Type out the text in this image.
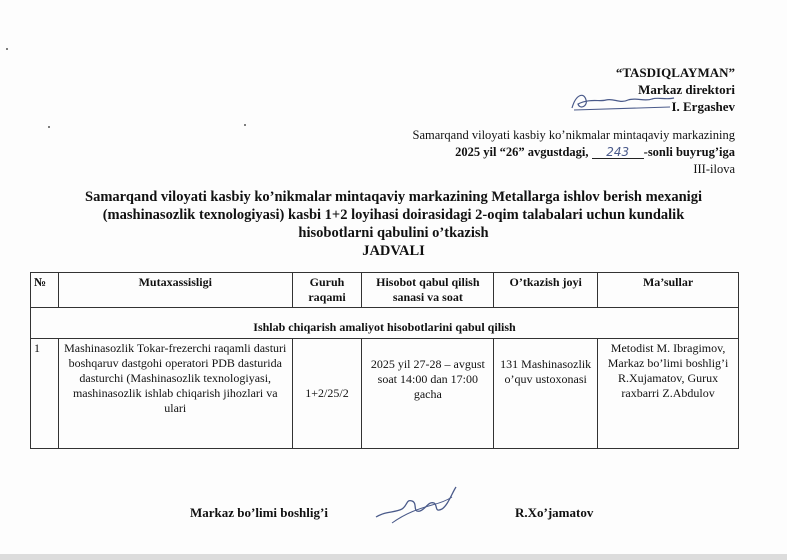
“TASDIQLAYMAN”
Markaz direktori
I. Ergashev
Samarqand viloyati kasbiy ko’nikmalar mintaqaviy markazining
2025 yil “26” avgustdagi, 243 -sonli buyrug’iga
III-ilova
Samarqand viloyati kasbiy ko’nikmalar mintaqaviy markazining Metallarga ishlov berish mexanigi
(mashinasozlik texnologiyasi) kasbi 1+2 loyihasi doirasidagi 2-oqim talabalari uchun kundalik
hisobotlarni qabulini o’tkazish
JADVALI
№	Mutaxassisligi	Guruh raqami	Hisobot qabul qilish sanasi va soat	O’tkazish joyi	Ma’sullar
Ishlab chiqarish amaliyot hisobotlarini qabul qilish					
1	Mashinasozlik Tokar-frezerchi raqamli dasturi boshqaruv dastgohi operatori PDB dasturida dasturchi (Mashinasozlik texnologiyasi, mashinasozlik ishlab chiqarish jihozlari va ulari	1+2/25/2	2025 yil 27-28 – avgust soat 14:00 dan 17:00 gacha	131 Mashinasozlik o’quv ustoxonasi	Metodist M. Ibragimov, Markaz bo’limi boshlig’i R.Xujamatov, Gurux raxbarri Z.Abdulov
Markaz bo’limi boshlig’i	R.Xo’jamatov
